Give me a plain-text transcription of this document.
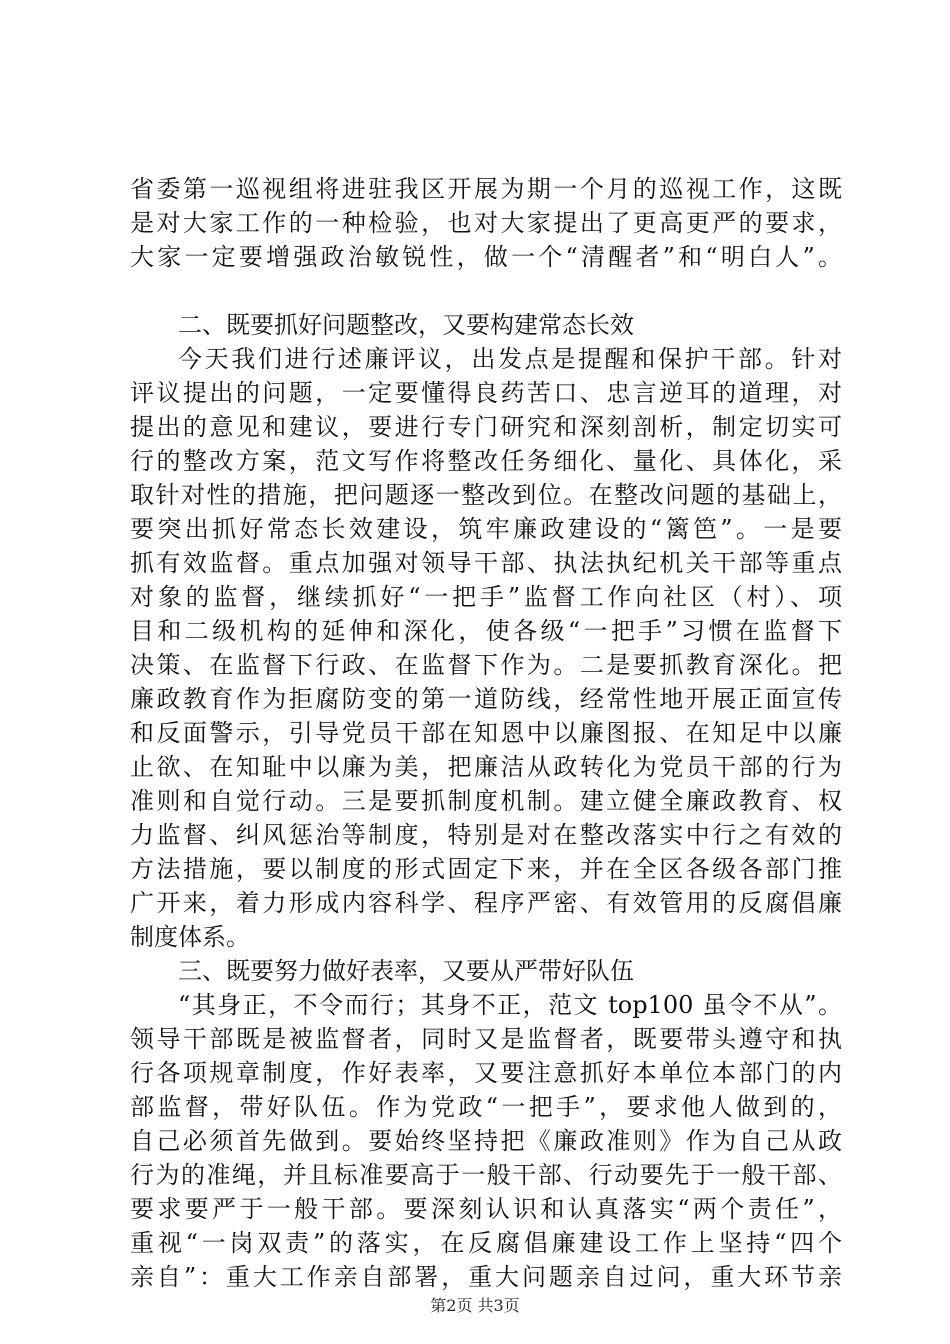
省委第一巡视组将进驻我区开展为期一个月的巡视工作，这既
是对大家工作的一种检验，也对大家提出了更高更严的要求，
大家一定要增强政治敏锐性，做一个“清醒者”和“明白人”。
二、既要抓好问题整改，又要构建常态长效
今天我们进行述廉评议，出发点是提醒和保护干部。针对
评议提出的问题，一定要懂得良药苦口、忠言逆耳的道理，对
提出的意见和建议，要进行专门研究和深刻剖析，制定切实可
行的整改方案，范文写作将整改任务细化、量化、具体化，采
取针对性的措施，把问题逐一整改到位。在整改问题的基础上，
要突出抓好常态长效建设，筑牢廉政建设的“篱笆”。一是要
抓有效监督。重点加强对领导干部、执法执纪机关干部等重点
对象的监督，继续抓好“一把手”监督工作向社区（村）、项
目和二级机构的延伸和深化，使各级“一把手”习惯在监督下
决策、在监督下行政、在监督下作为。二是要抓教育深化。把
廉政教育作为拒腐防变的第一道防线，经常性地开展正面宣传
和反面警示，引导党员干部在知恩中以廉图报、在知足中以廉
止欲、在知耻中以廉为美，把廉洁从政转化为党员干部的行为
准则和自觉行动。三是要抓制度机制。建立健全廉政教育、权
力监督、纠风惩治等制度，特别是对在整改落实中行之有效的
方法措施，要以制度的形式固定下来，并在全区各级各部门推
广开来，着力形成内容科学、程序严密、有效管用的反腐倡廉
制度体系。
三、既要努力做好表率，又要从严带好队伍
“其身正，不令而行；其身不正，范文 top100 虽令不从”。
领导干部既是被监督者，同时又是监督者，既要带头遵守和执
行各项规章制度，作好表率，又要注意抓好本单位本部门的内
部监督，带好队伍。作为党政“一把手”，要求他人做到的，
自己必须首先做到。要始终坚持把《廉政准则》作为自己从政
行为的准绳，并且标准要高于一般干部、行动要先于一般干部、
要求要严于一般干部。要深刻认识和认真落实“两个责任”，
重视“一岗双责”的落实，在反腐倡廉建设工作上坚持“四个
亲自”：重大工作亲自部署，重大问题亲自过问，重大环节亲
第2页 共3页
